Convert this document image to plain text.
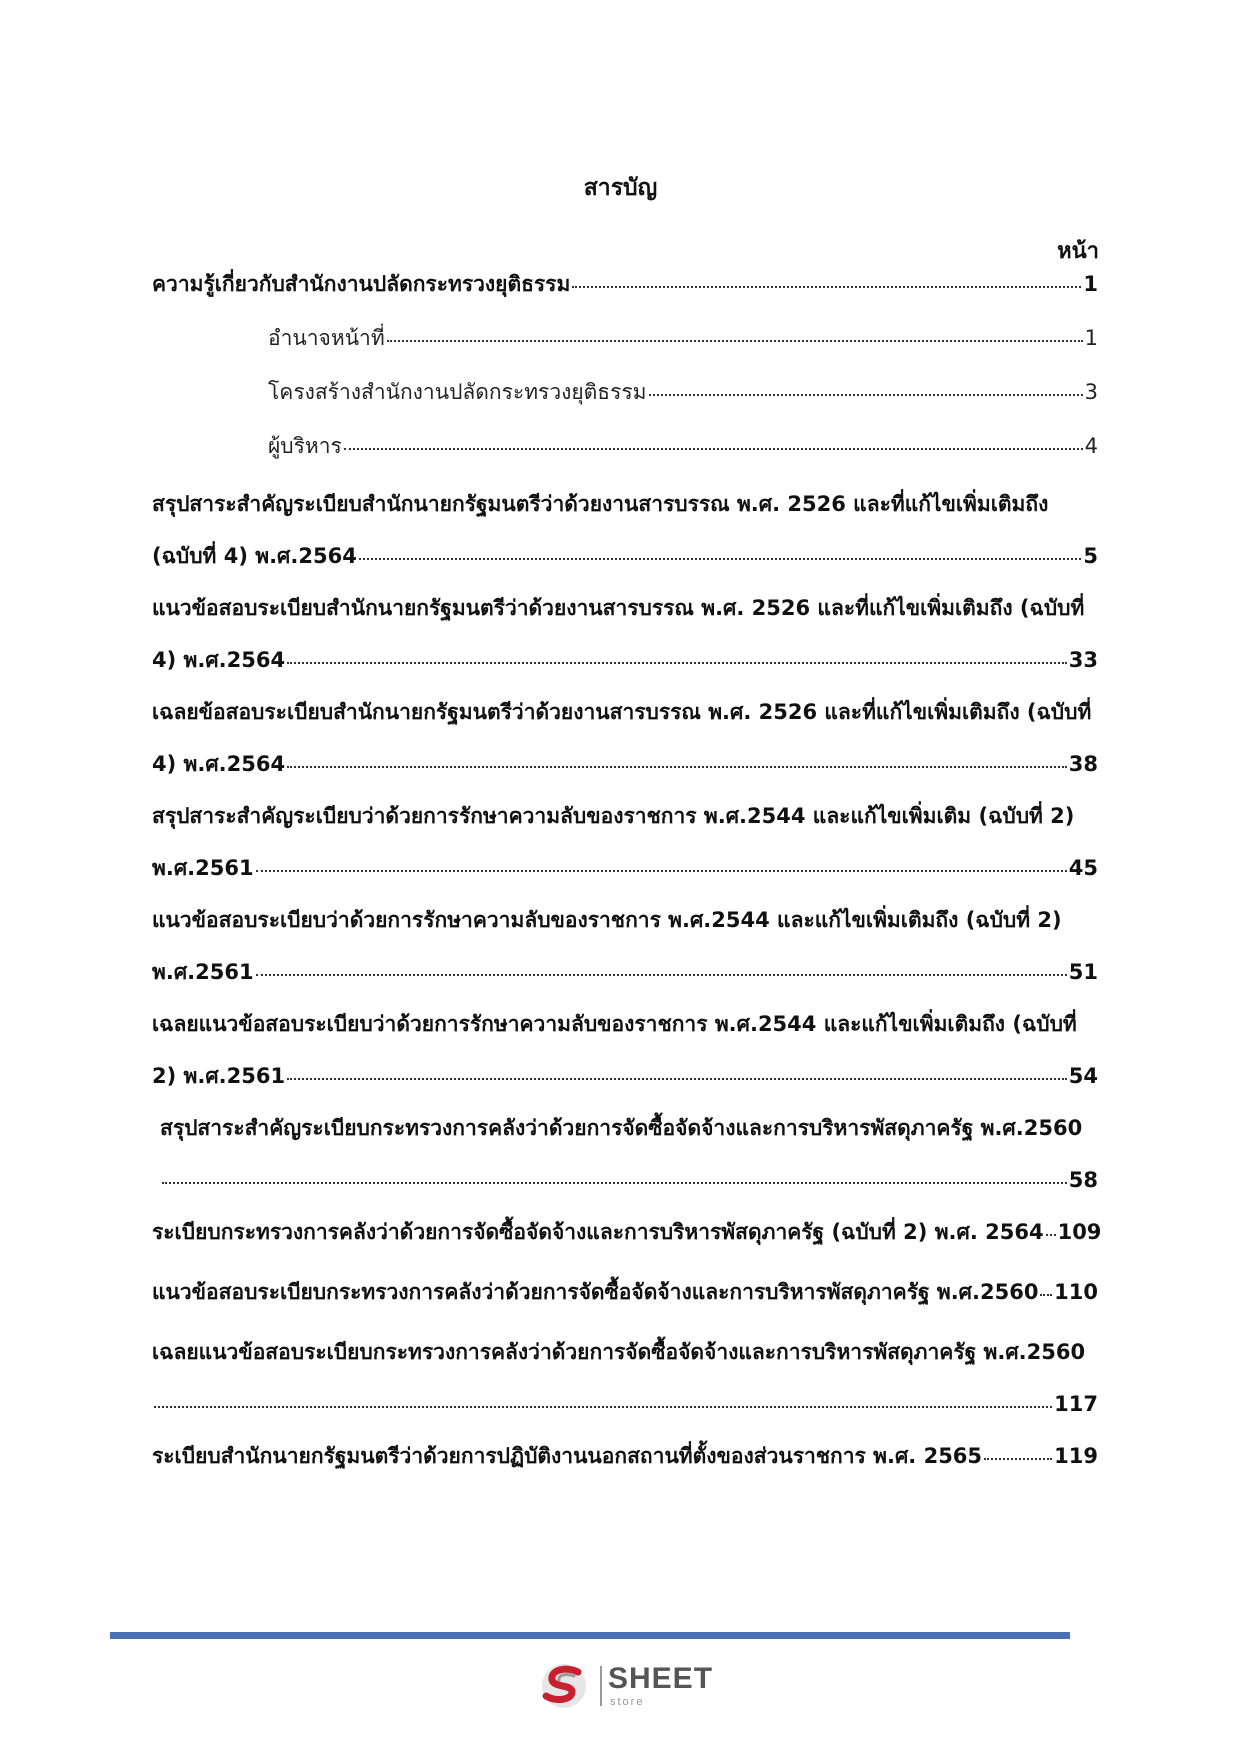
สารบัญ
หน้า
ความรู้เกี่ยวกับสำนักงานปลัดกระทรวงยุติธรรม	1
อำนาจหน้าที่	1
โครงสร้างสำนักงานปลัดกระทรวงยุติธรรม	3
ผู้บริหาร	4
สรุปสาระสำคัญระเบียบสำนักนายกรัฐมนตรีว่าด้วยงานสารบรรณ พ.ศ. 2526 และที่แก้ไขเพิ่มเติมถึง
(ฉบับที่ 4) พ.ศ.2564	5
แนวข้อสอบระเบียบสำนักนายกรัฐมนตรีว่าด้วยงานสารบรรณ พ.ศ. 2526 และที่แก้ไขเพิ่มเติมถึง (ฉบับที่
4) พ.ศ.2564	33
เฉลยข้อสอบระเบียบสำนักนายกรัฐมนตรีว่าด้วยงานสารบรรณ พ.ศ. 2526 และที่แก้ไขเพิ่มเติมถึง (ฉบับที่
4) พ.ศ.2564	38
สรุปสาระสำคัญระเบียบว่าด้วยการรักษาความลับของราชการ พ.ศ.2544 และแก้ไขเพิ่มเติม (ฉบับที่ 2)
พ.ศ.2561	45
แนวข้อสอบระเบียบว่าด้วยการรักษาความลับของราชการ พ.ศ.2544 และแก้ไขเพิ่มเติมถึง (ฉบับที่ 2)
พ.ศ.2561	51
เฉลยแนวข้อสอบระเบียบว่าด้วยการรักษาความลับของราชการ พ.ศ.2544 และแก้ไขเพิ่มเติมถึง (ฉบับที่
2) พ.ศ.2561	54
สรุปสาระสำคัญระเบียบกระทรวงการคลังว่าด้วยการจัดซื้อจัดจ้างและการบริหารพัสดุภาครัฐ พ.ศ.2560
58
ระเบียบกระทรวงการคลังว่าด้วยการจัดซื้อจัดจ้างและการบริหารพัสดุภาครัฐ (ฉบับที่ 2) พ.ศ. 2564 109
แนวข้อสอบระเบียบกระทรวงการคลังว่าด้วยการจัดซื้อจัดจ้างและการบริหารพัสดุภาครัฐ พ.ศ.2560 110
เฉลยแนวข้อสอบระเบียบกระทรวงการคลังว่าด้วยการจัดซื้อจัดจ้างและการบริหารพัสดุภาครัฐ พ.ศ.2560
117
ระเบียบสำนักนายกรัฐมนตรีว่าด้วยการปฏิบัติงานนอกสถานที่ตั้งของส่วนราชการ พ.ศ. 2565	119
SHEET
store
